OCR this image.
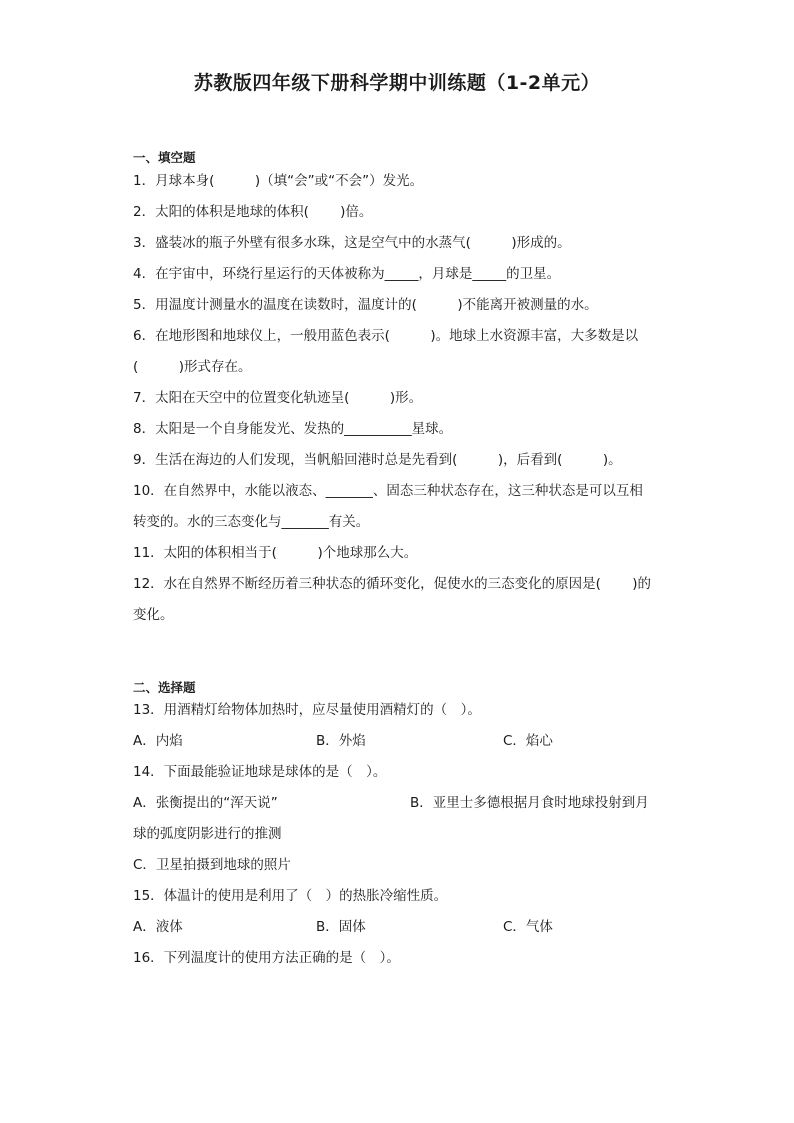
苏教版四年级下册科学期中训练题（1-2单元）
一、填空题
1．月球本身(　　　)（填“会”或“不会”）发光。
2．太阳的体积是地球的体积(　　 )倍。
3．盛装冰的瓶子外壁有很多水珠，这是空气中的水蒸气(　　　)形成的。
4．在宇宙中，环绕行星运行的天体被称为_____，月球是_____的卫星。
5．用温度计测量水的温度在读数时，温度计的(　　　)不能离开被测量的水。
6．在地形图和地球仪上，一般用蓝色表示(　　　)。地球上水资源丰富，大多数是以
(　　　)形式存在。
7．太阳在天空中的位置变化轨迹呈(　　　)形。
8．太阳是一个自身能发光、发热的__________星球。
9．生活在海边的人们发现，当帆船回港时总是先看到(　　　)，后看到(　　　)。
10．在自然界中，水能以液态、_______、固态三种状态存在，这三种状态是可以互相
转变的。水的三态变化与_______有关。
11．太阳的体积相当于(　　　)个地球那么大。
12．水在自然界不断经历着三种状态的循环变化，促使水的三态变化的原因是(　　 )的
变化。
二、选择题
13．用酒精灯给物体加热时，应尽量使用酒精灯的（　）。
A．内焰	B．外焰	C．焰心
14．下面最能验证地球是球体的是（　）。
A．张衡提出的“浑天说”	B．亚里士多德根据月食时地球投射到月
球的弧度阴影进行的推测
C．卫星拍摄到地球的照片
15．体温计的使用是利用了（　）的热胀冷缩性质。
A．液体	B．固体	C．气体
16．下列温度计的使用方法正确的是（　）。
